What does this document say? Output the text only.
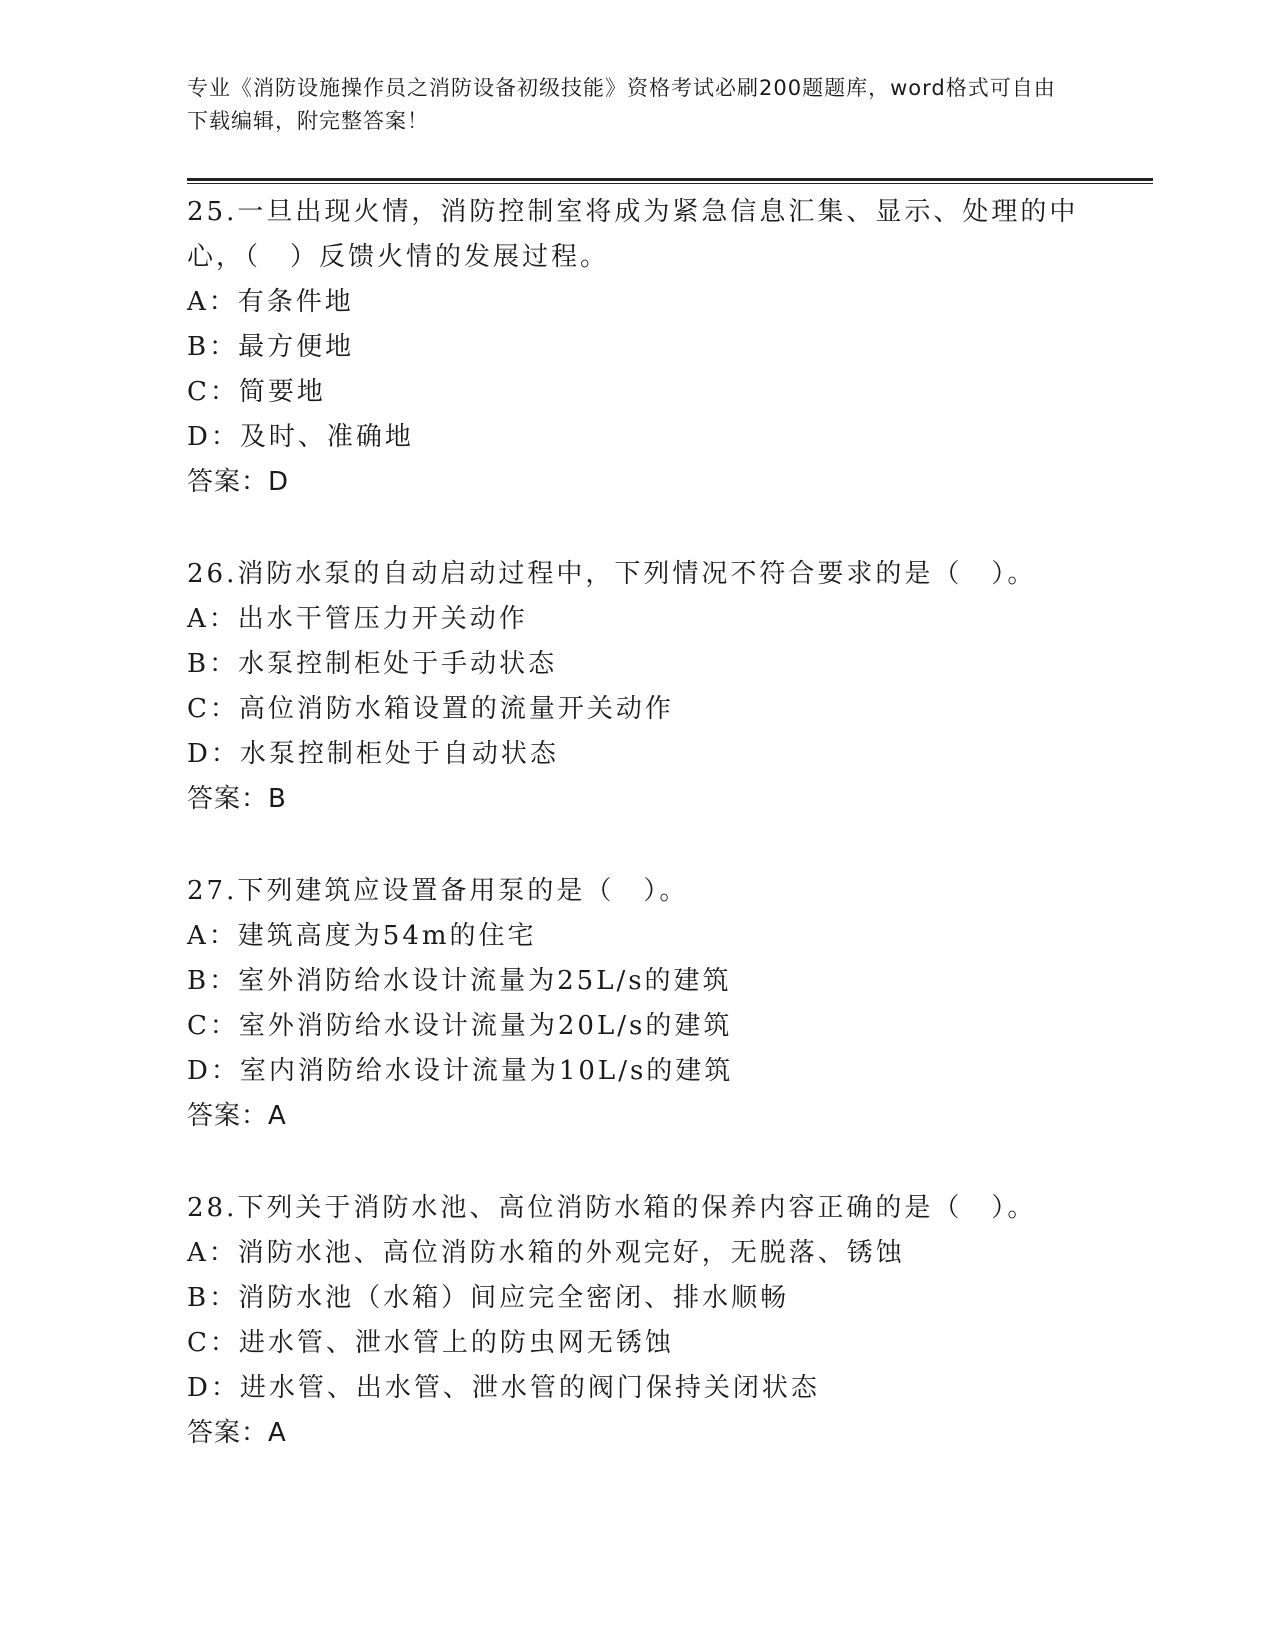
专业《消防设施操作员之消防设备初级技能》资格考试必刷200题题库，word格式可自由下载编辑，附完整答案！

25.一旦出现火情，消防控制室将成为紧急信息汇集、显示、处理的中心，（　）反馈火情的发展过程。

A：有条件地

B：最方便地

C：简要地

D：及时、准确地

答案：D

26.消防水泵的自动启动过程中，下列情况不符合要求的是（　）。

A：出水干管压力开关动作

B：水泵控制柜处于手动状态

C：高位消防水箱设置的流量开关动作

D：水泵控制柜处于自动状态

答案：B

27.下列建筑应设置备用泵的是（　）。

A：建筑高度为54m的住宅

B：室外消防给水设计流量为25L/s的建筑

C：室外消防给水设计流量为20L/s的建筑

D：室内消防给水设计流量为10L/s的建筑

答案：A

28.下列关于消防水池、高位消防水箱的保养内容正确的是（　）。

A：消防水池、高位消防水箱的外观完好，无脱落、锈蚀

B：消防水池（水箱）间应完全密闭、排水顺畅

C：进水管、泄水管上的防虫网无锈蚀

D：进水管、出水管、泄水管的阀门保持关闭状态

答案：A
